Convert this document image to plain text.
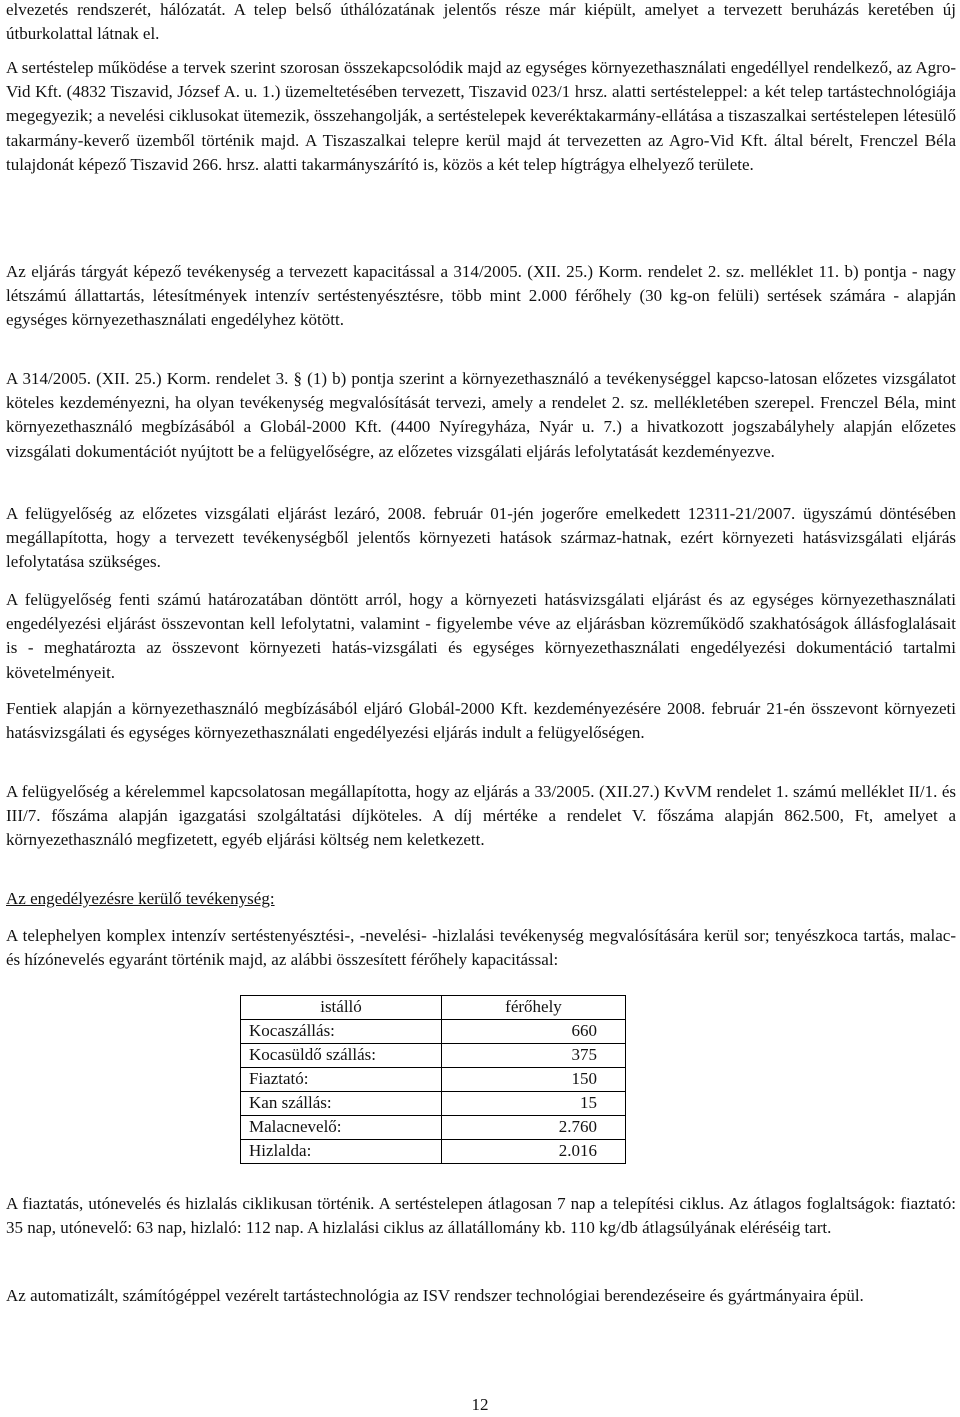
elvezetés rendszerét, hálózatát. A telep belső úthálózatának jelentős része már kiépült, amelyet a tervezett beruházás keretében új útburkolattal látnak el.

A sertéstelep működése a tervek szerint szorosan összekapcsolódik majd az egységes környezethasználati engedéllyel rendelkező, az Agro-Vid Kft. (4832 Tiszavid, József A. u. 1.) üzemeltetésében tervezett, Tiszavid 023/1 hrsz. alatti sertésteleppel: a két telep tartástechnológiája megegyezik; a nevelési ciklusokat ütemezik, összehangolják, a sertéstelepek keveréktakarmány-ellátása a tiszaszalkai sertéstelepen létesülő takarmány-keverő üzemből történik majd. A Tiszaszalkai telepre kerül majd át tervezetten az Agro-Vid Kft. által bérelt, Frenczel Béla tulajdonát képező Tiszavid 266. hrsz. alatti takarmányszárító is, közös a két telep hígtrágya elhelyező területe.

Az eljárás tárgyát képező tevékenység a tervezett kapacitással a 314/2005. (XII. 25.) Korm. rendelet 2. sz. melléklet 11. b) pontja - nagy létszámú állattartás, létesítmények intenzív sertéstenyésztésre, több mint 2.000 férőhely (30 kg-on felüli) sertések számára - alapján egységes környezethasználati engedélyhez kötött.

A 314/2005. (XII. 25.) Korm. rendelet 3. § (1) b) pontja szerint a környezethasználó a tevékenységgel kapcso-latosan előzetes vizsgálatot köteles kezdeményezni, ha olyan tevékenység megvalósítását tervezi, amely a rendelet 2. sz. mellékletében szerepel. Frenczel Béla, mint környezethasználó megbízásából a Globál-2000 Kft. (4400 Nyíregyháza, Nyár u. 7.) a hivatkozott jogszabályhely alapján előzetes vizsgálati dokumentációt nyújtott be a felügyelőségre, az előzetes vizsgálati eljárás lefolytatását kezdeményezve.

A felügyelőség az előzetes vizsgálati eljárást lezáró, 2008. február 01-jén jogerőre emelkedett 12311-21/2007. ügyszámú döntésében megállapította, hogy a tervezett tevékenységből jelentős környezeti hatások származ-hatnak, ezért környezeti hatásvizsgálati eljárás lefolytatása szükséges.

A felügyelőség fenti számú határozatában döntött arról, hogy a környezeti hatásvizsgálati eljárást és az egységes környezethasználati engedélyezési eljárást összevontan kell lefolytatni, valamint - figyelembe véve az eljárásban közreműködő szakhatóságok állásfoglalásait is - meghatározta az összevont környezeti hatás-vizsgálati és egységes környezethasználati engedélyezési dokumentáció tartalmi követelményeit.

Fentiek alapján a környezethasználó megbízásából eljáró Globál-2000 Kft. kezdeményezésére 2008. február 21-én összevont környezeti hatásvizsgálati és egységes környezethasználati engedélyezési eljárás indult a felügyelőségen.

A felügyelőség a kérelemmel kapcsolatosan megállapította, hogy az eljárás a 33/2005. (XII.27.) KvVM rendelet 1. számú melléklet II/1. és III/7. főszáma alapján igazgatási szolgáltatási díjköteles. A díj mértéke a rendelet V. főszáma alapján 862.500, Ft, amelyet a környezethasználó megfizetett, egyéb eljárási költség nem keletkezett.

Az engedélyezésre kerülő tevékenység:

A telephelyen komplex intenzív sertéstenyésztési-, -nevelési- -hizlalási tevékenység megvalósítására kerül sor; tenyészkoca tartás, malac- és hízónevelés egyaránt történik majd, az alábbi összesített férőhely kapacitással:

istálló	férőhely
Kocaszállás:	660
Kocasüldő szállás:	375
Fiaztató:	150
Kan szállás:	15
Malacnevelő:	2.760
Hizlalda:	2.016

A fiaztatás, utónevelés és hizlalás ciklikusan történik. A sertéstelepen átlagosan 7 nap a telepítési ciklus. Az átlagos foglaltságok: fiaztató: 35 nap, utónevelő: 63 nap, hizlaló: 112 nap. A hizlalási ciklus az állatállomány kb. 110 kg/db átlagsúlyának eléréséig tart.

Az automatizált, számítógéppel vezérelt tartástechnológia az ISV rendszer technológiai berendezéseire és gyártmányaira épül.

12
